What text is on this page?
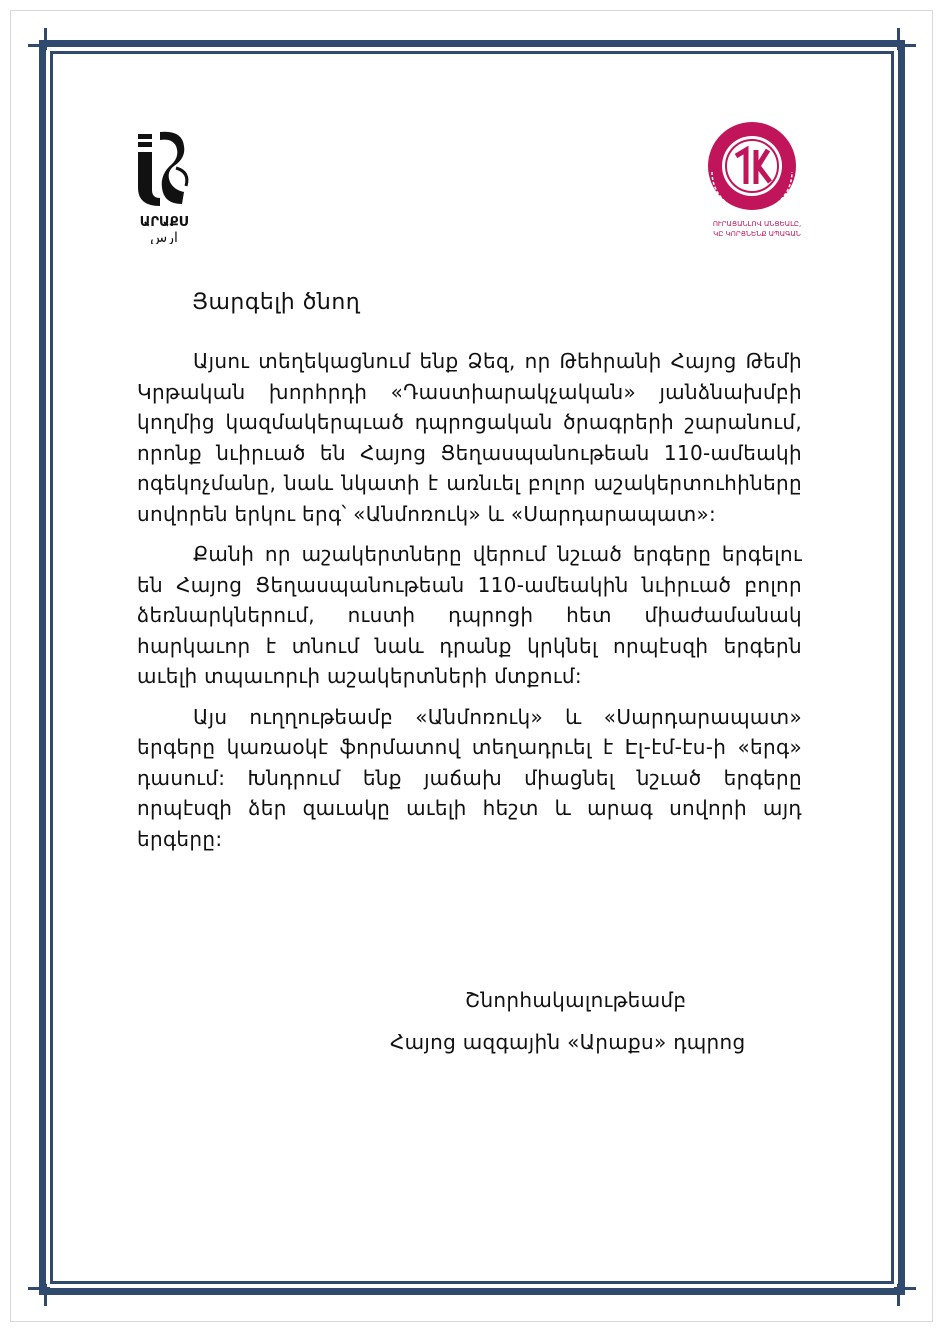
ԱՐԱՔՍ
ارس
ՈՒՐԱՑԱՆԼՈՎ ԱՆՑԵԱԼԸ,
ԿԸ ԿՈՐՑՆԵՆՔ ԱՊԱԳԱՆ
Յարգելի ծնող

Այսու տեղեկացնում ենք Ձեզ, որ Թեհրանի Հայոց Թեմի Կրթական խորհրդի «Դաստիարակչական» յանձնախմբի կողմից կազմակերպւած դպրոցական ծրագրերի շարանում, որոնք նւիրւած են Հայոց Ցեղասպանութեան 110-ամեակի ոգեկոչմանը, նաև նկատի է առնւել բոլոր աշակերտուհիները սովորեն երկու երգ՝ «Անմոռուկ» և «Սարդարապատ»:

Քանի որ աշակերտները վերում նշւած երգերը երգելու են Հայոց Ցեղասպանութեան 110-ամեակին նւիրւած բոլոր ձեռնարկներում, ուստի դպրոցի հետ միաժամանակ հարկաւոր է տնում նաև դրանք կրկնել որպէսզի երգերն աւելի տպաւորւի աշակերտների մտքում:

Այս ուղղութեամբ «Անմոռուկ» և «Սարդարապատ» երգերը կառաօկէ ֆորմատով տեղադրւել է Էլ-էմ-էս-ի «երգ» դասում: Խնդրում ենք յաճախ միացնել նշւած երգերը որպէսզի ձեր զաւակը աւելի հեշտ և արագ սովորի այդ երգերը:

Շնորհակալութեամբ
Հայոց ազգային «Արաքս» դպրոց
